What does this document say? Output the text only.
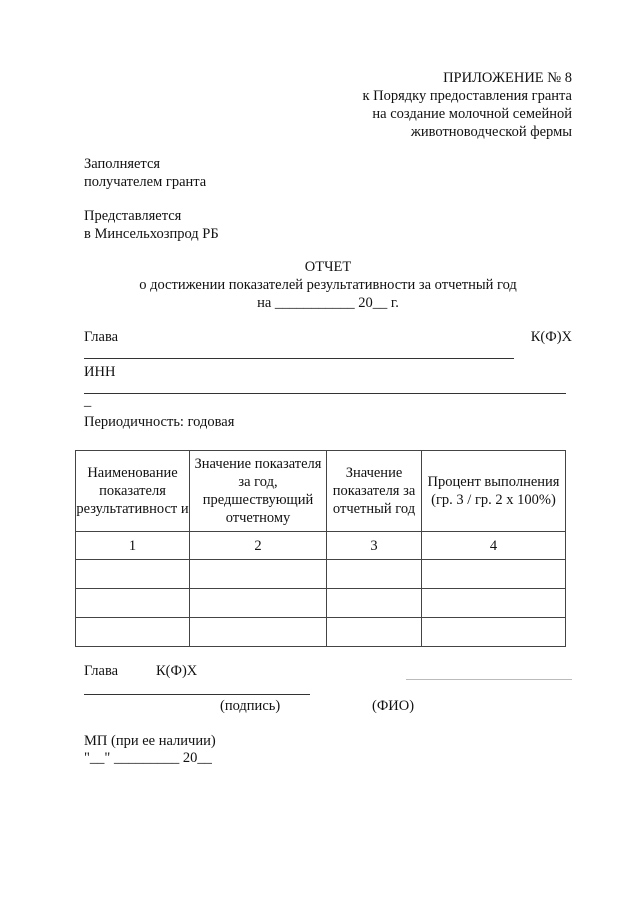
ПРИЛОЖЕНИЕ № 8
к Порядку предоставления гранта
на создание молочной семейной
животноводческой фермы
Заполняется
получателем гранта
Представляется
в Минсельхозпрод РБ
ОТЧЕТ
о достижении показателей результативности за отчетный год
на ___________ 20__ г.
Глава	К(Ф)Х
ИНН
_
Периодичность: годовая
Наименование показателя результативност и	Значение показателя за год, предшествующий отчетному	Значение показателя за отчетный год	Процент выполнения (гр. 3 / гр. 2 х 100%)
1	2	3	4

Глава	К(Ф)Х
(подпись)	(ФИО)
МП (при ее наличии)
"__" _________ 20__
